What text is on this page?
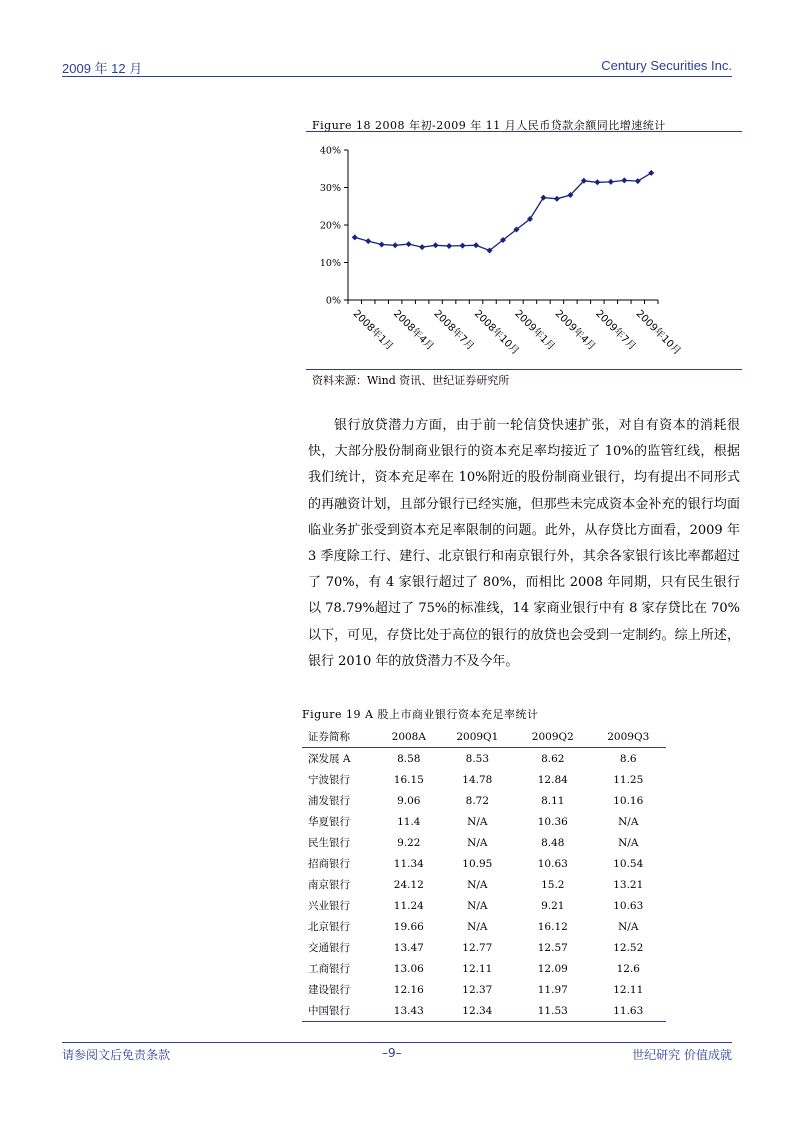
2009 年 12 月	Century Securities Inc.
Figure 18 2008 年初-2009 年 11 月人民币贷款余额同比增速统计
0%
10%
20%
30%
40%
2008年1月
2008年4月
2008年7月
2008年10月
2009年1月
2009年4月
2009年7月
2009年10月
资料来源：Wind 资讯、世纪证券研究所

银行放贷潜力方面，由于前一轮信贷快速扩张，对自有资本的消耗很快，大部分股份制商业银行的资本充足率均接近了 10%的监管红线，根据我们统计，资本充足率在 10%附近的股份制商业银行，均有提出不同形式的再融资计划，且部分银行已经实施，但那些未完成资本金补充的银行均面临业务扩张受到资本充足率限制的问题。此外，从存贷比方面看，2009 年 3 季度除工行、建行、北京银行和南京银行外，其余各家银行该比率都超过了 70%，有 4 家银行超过了 80%，而相比 2008 年同期，只有民生银行以 78.79%超过了 75%的标准线，14 家商业银行中有 8 家存贷比在 70%以下，可见，存贷比处于高位的银行的放贷也会受到一定制约。综上所述，银行 2010 年的放贷潜力不及今年。

Figure 19 A 股上市商业银行资本充足率统计
证券简称	2008A	2009Q1	2009Q2	2009Q3
深发展 A	8.58	8.53	8.62	8.6
宁波银行	16.15	14.78	12.84	11.25
浦发银行	9.06	8.72	8.11	10.16
华夏银行	11.4	N/A	10.36	N/A
民生银行	9.22	N/A	8.48	N/A
招商银行	11.34	10.95	10.63	10.54
南京银行	24.12	N/A	15.2	13.21
兴业银行	11.24	N/A	9.21	10.63
北京银行	19.66	N/A	16.12	N/A
交通银行	13.47	12.77	12.57	12.52
工商银行	13.06	12.11	12.09	12.6
建设银行	12.16	12.37	11.97	12.11
中国银行	13.43	12.34	11.53	11.63
请参阅文后免责条款	–9–	世纪研究 价值成就
